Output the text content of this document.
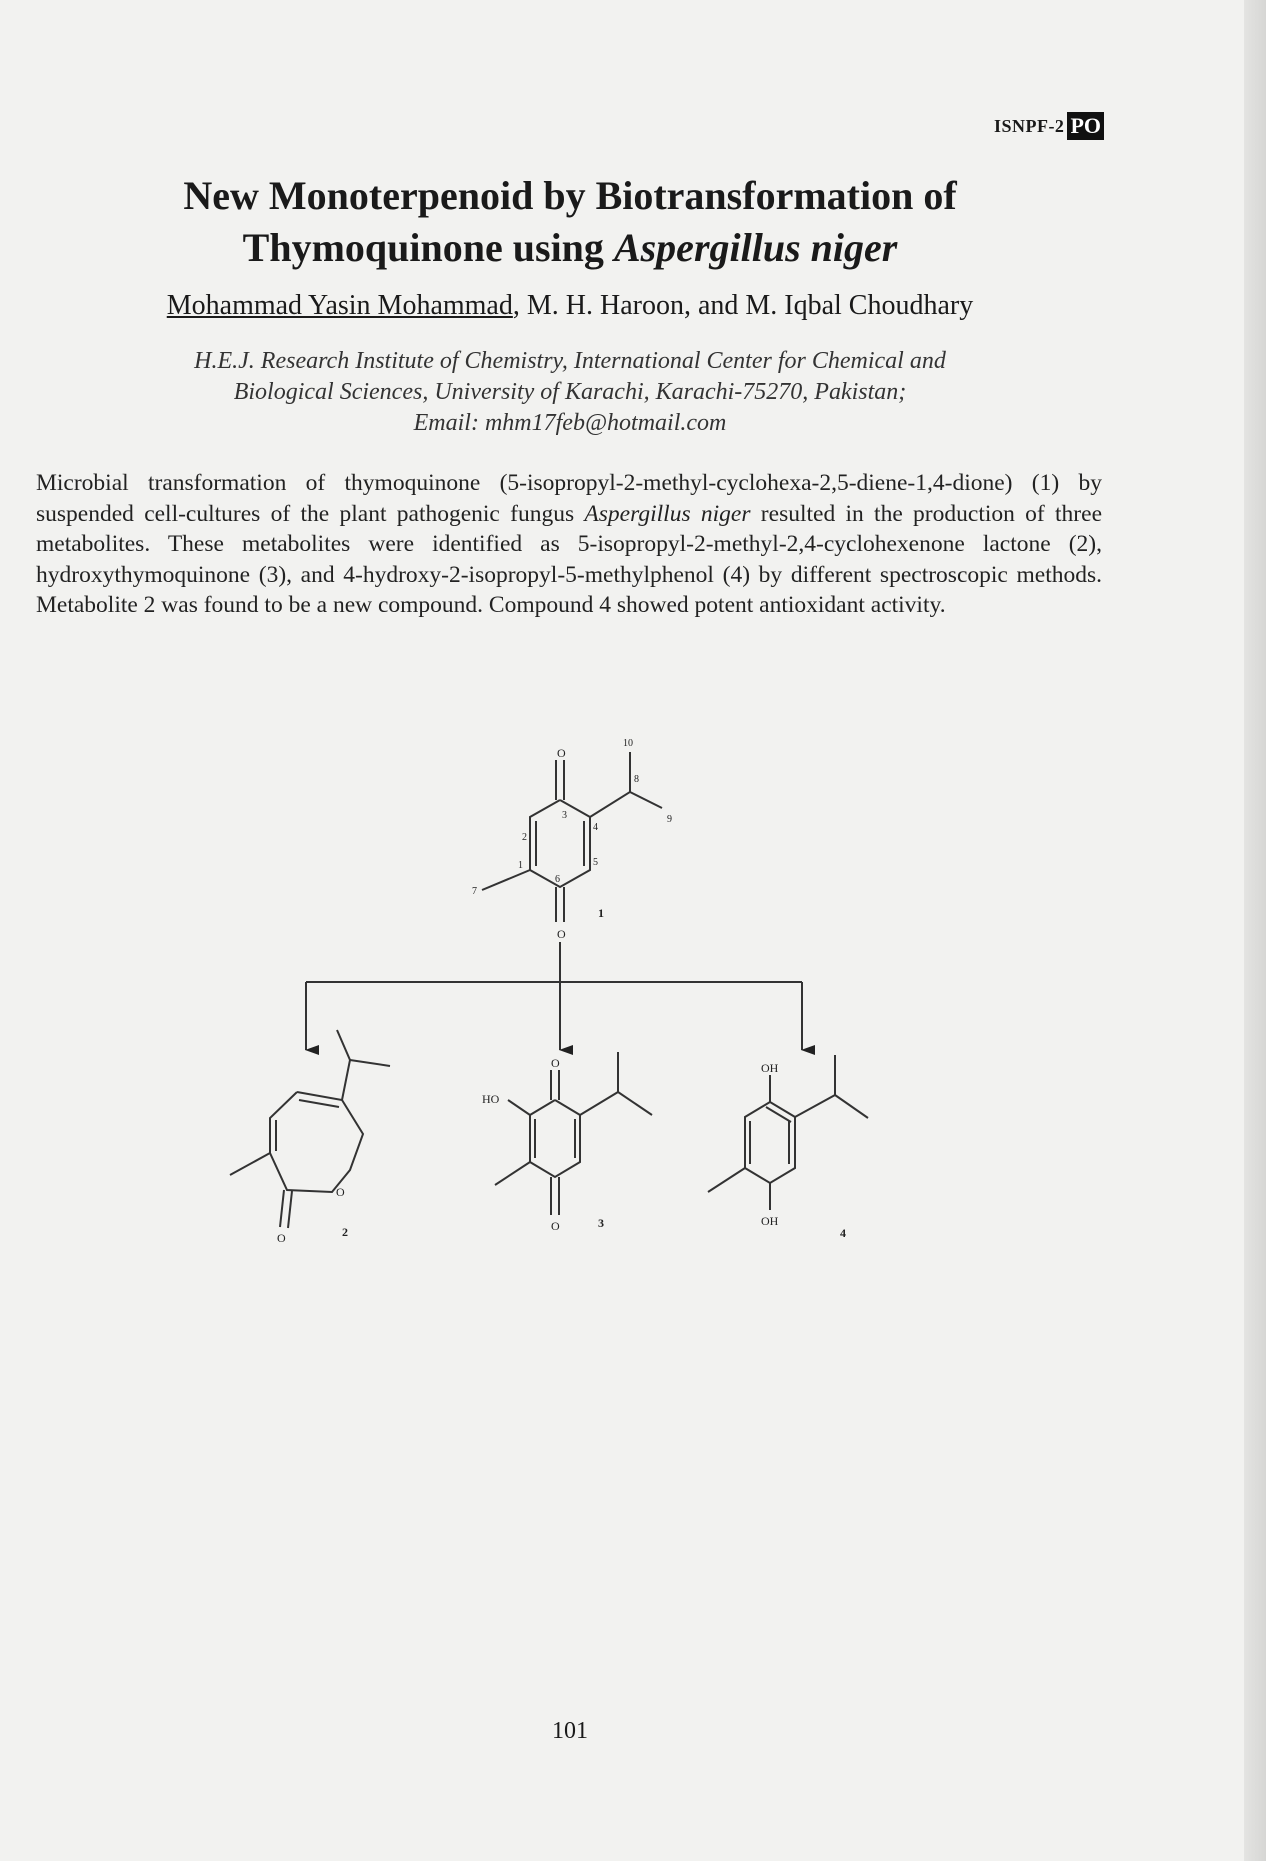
ISNPF-2 PO
New Monoterpenoid by Biotransformation of
Thymoquinone using Aspergillus niger
Mohammad Yasin Mohammad, M. H. Haroon, and M. Iqbal Choudhary
H.E.J. Research Institute of Chemistry, International Center for Chemical and
Biological Sciences, University of Karachi, Karachi-75270, Pakistan;
Email: mhm17feb@hotmail.com
Microbial transformation of thymoquinone (5-isopropyl-2-methyl-cyclohexa-2,5-diene-1,4-dione) (1) by suspended cell-cultures of the plant pathogenic fungus Aspergillus niger resulted in the production of three metabolites. These metabolites were identified as 5-isopropyl-2-methyl-2,4-cyclohexenone lactone (2), hydroxythymoquinone (3), and 4-hydroxy-2-isopropyl-5-methylphenol (4) by different spectroscopic methods. Metabolite 2 was found to be a new compound. Compound 4 showed potent antioxidant activity.
O
O
2
1
3
4
5
6
7
8
9
10
1
O
O	2
O
O
HO
3
OH
OH
4
101
